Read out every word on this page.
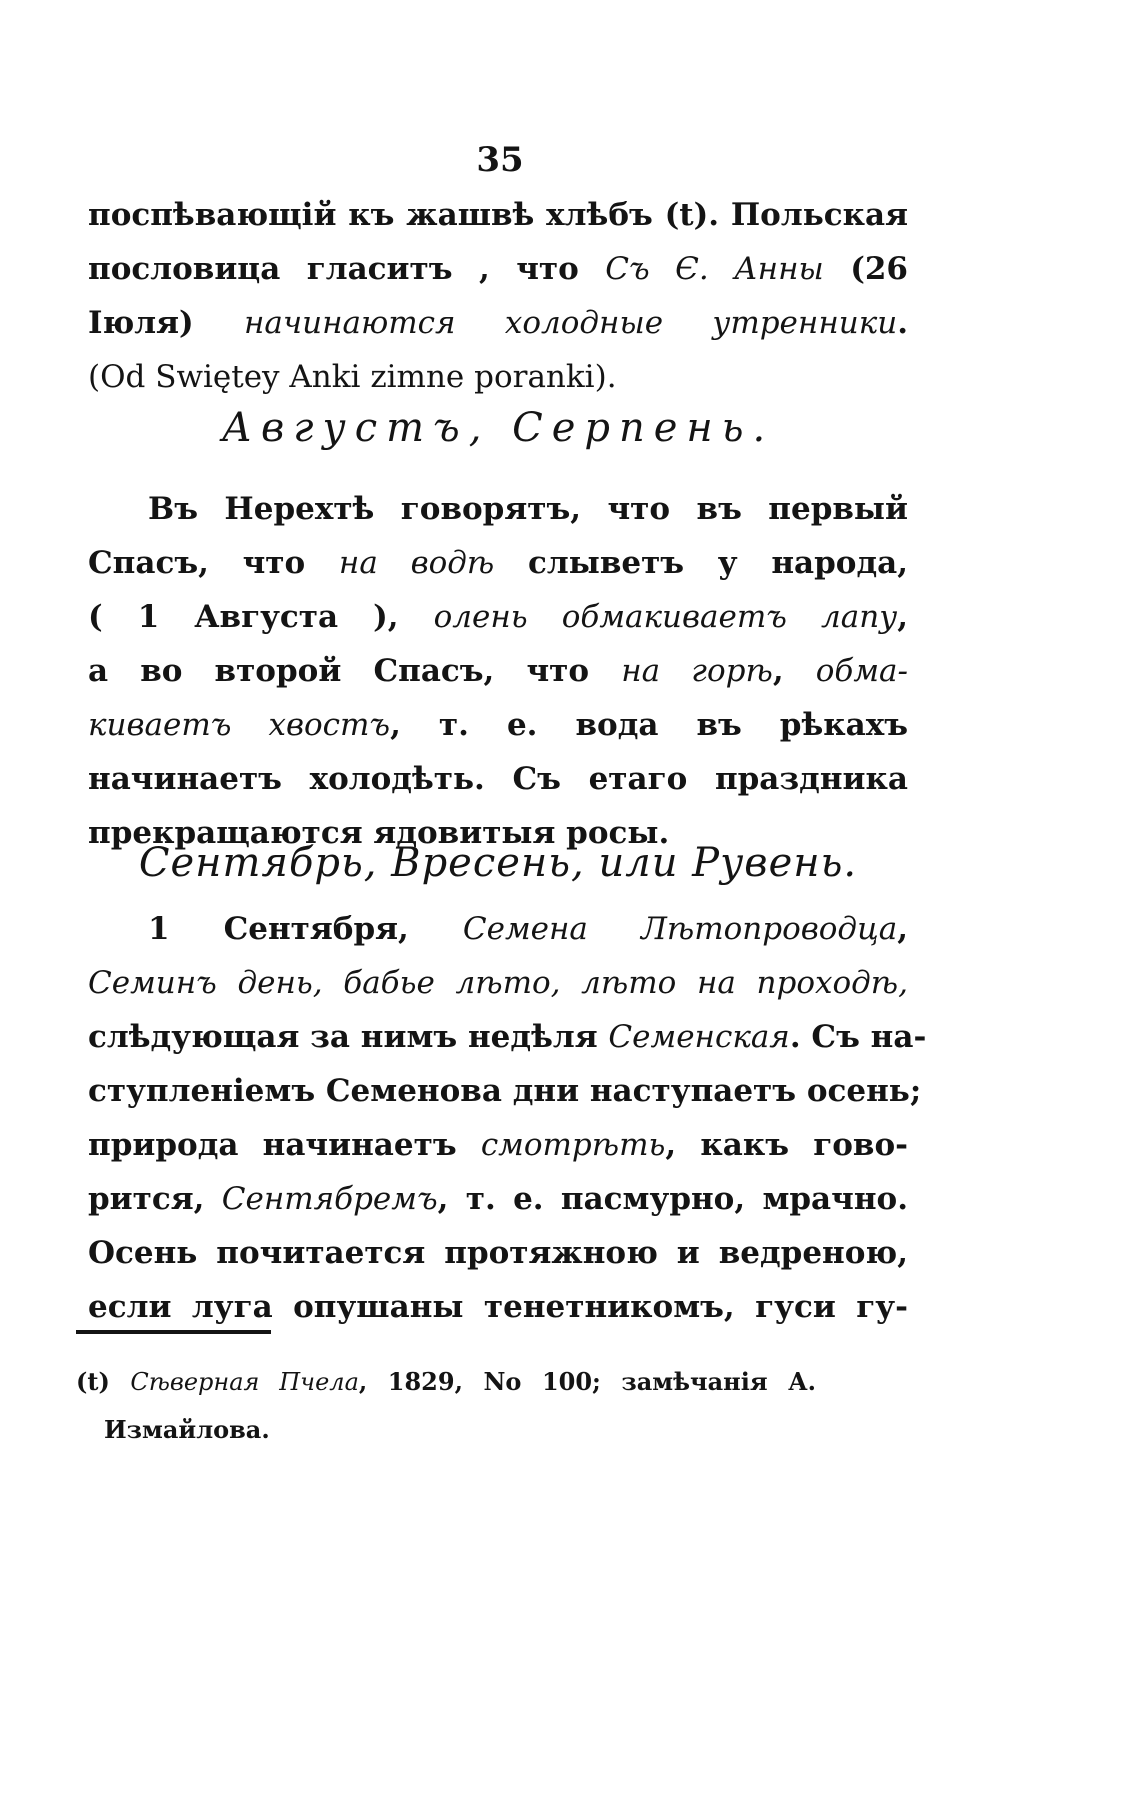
35
поспѣвающій къ жашвѣ хлѣбъ (t). Польская
пословица гласитъ , что Съ Є. Анны (26
Іюля) начинаются холодные утренники.
(Od Swiętey Anki zimne poranki).
Августъ, Серпень.
Въ Нерехтѣ говорятъ, что въ первый
Спасъ, что на водѣ слыветъ у народа,
( 1 Августа ), олень обмакиваетъ лапу,
а во второй Спасъ, что на горѣ, обма-
киваетъ хвостъ, т. е. вода въ рѣкахъ
начинаетъ холодѣть. Съ етаго праздника
прекращаются ядовитыя росы.
Сентябрь, Вресень, или Рувень.
1 Сентября, Семена Лѣтопроводца,
Семинъ день, бабье лѣто, лѣто на проходѣ,
слѣдующая за нимъ недѣля Семенская. Съ на-
ступленіемъ Семенова дни наступаетъ осень;
природа начинаетъ смотрѣть, какъ гово-
рится, Сентябремъ, т. е. пасмурно, мрачно.
Осень почитается протяжною и ведреною,
если луга опушаны тенетникомъ, гуси гу-
(t) Сѣверная Пчела, 1829, No 100; замѣчанія А.
Измайлова.
